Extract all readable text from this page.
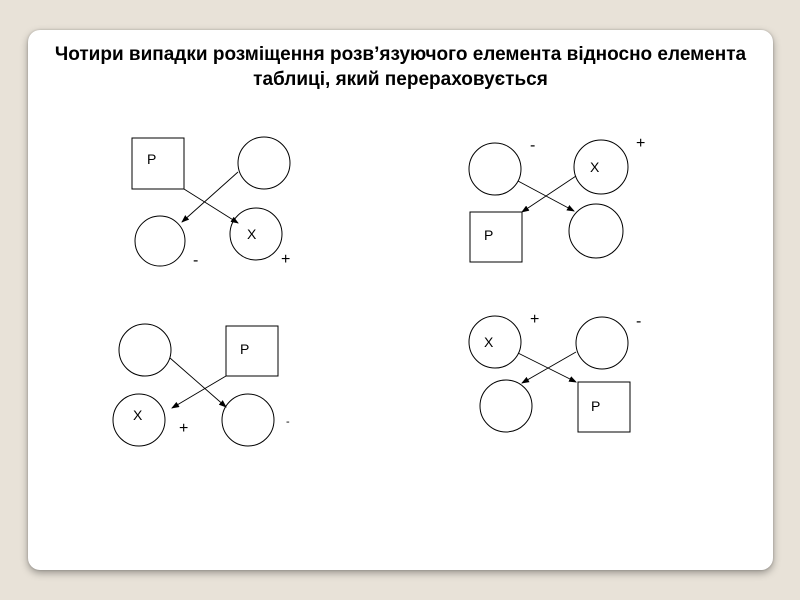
Чотири випадки розміщення розв’язуючого елемента відносно елемента
таблиці, який перераховується
P
X
-	+
X
P
-	+
P
X
+	-
X
P
+	-
